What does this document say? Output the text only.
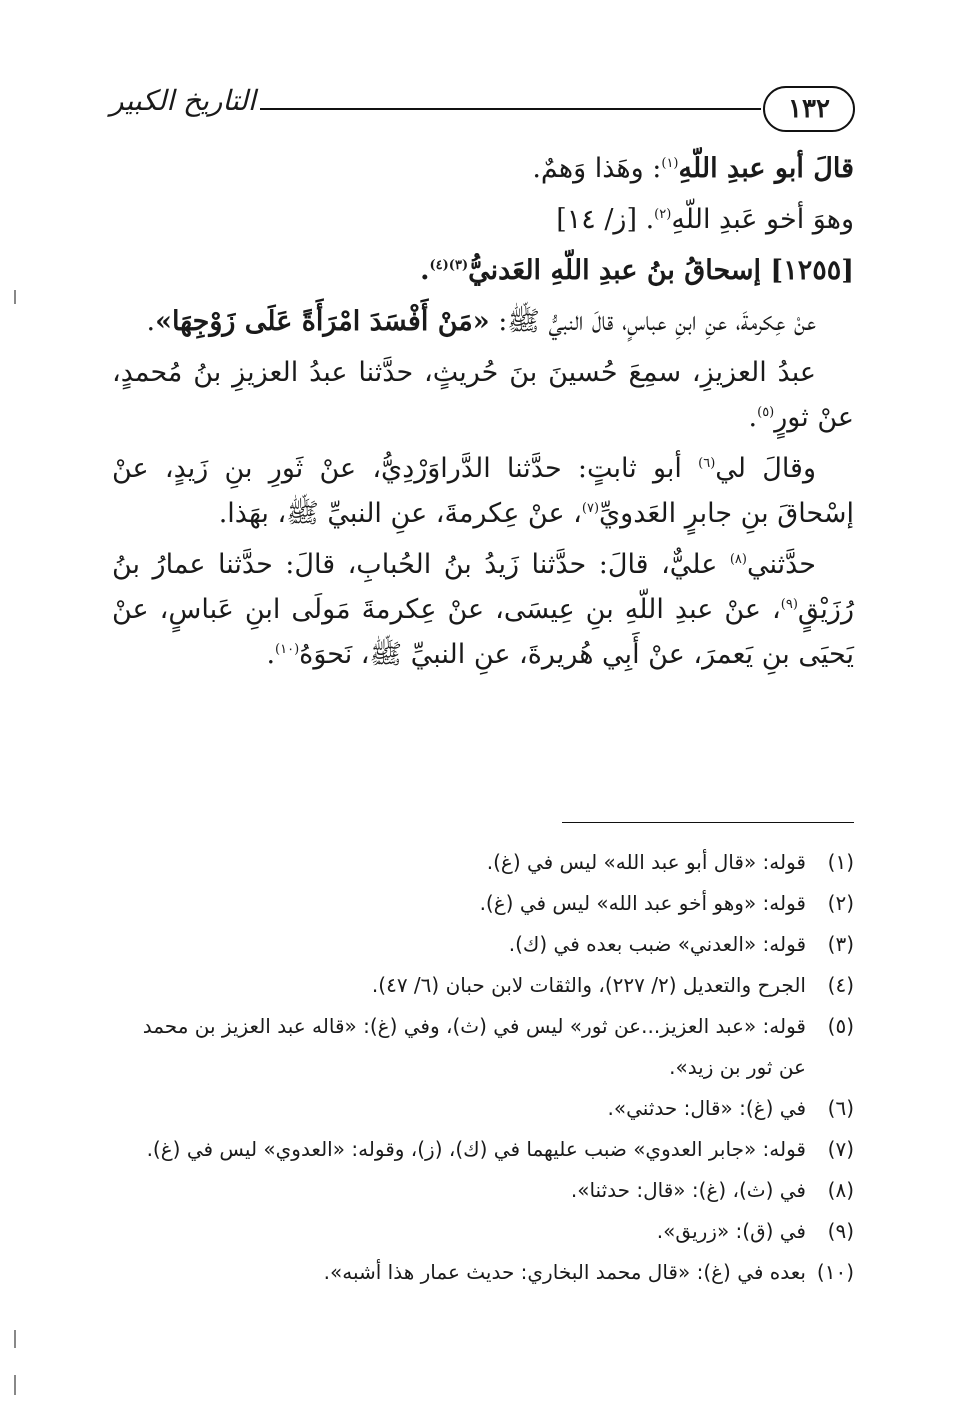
١٣٢
التاريخ الكبير

قالَ أبو عبدِ اللّهِ$^{(١)}$: وهَذا وَهمٌ.

وهوَ أخو عَبدِ اللّهِ$^{(٢)}$. [ز/ ١٤]

[١٢٥٥] إسحاقُ بنُ عبدِ اللّهِ العَدنيُّ$^{(٣)(٤)}$.

عنْ عِكرمةَ، عنِ ابنِ عباسٍ، قالَ النبيُّ ﷺ: «مَنْ أَفْسَدَ امْرَأَةً عَلَى زَوْجِهَا».

عبدُ العزيزِ، سمِعَ حُسينَ بنَ حُريثٍ، حدَّثنا عبدُ العزيزِ بنُ مُحمدٍ، عنْ ثورٍ$^{(٥)}$.

وقالَ لي$^{(٦)}$ أبو ثابتٍ: حدَّثنا الدَّراوَرْدِيُّ، عنْ ثَورِ بنِ زَيدٍ، عنْ إسْحاقَ بنِ جابرٍ العَدويِّ$^{(٧)}$، عنْ عِكرمةَ، عنِ النبيِّ ﷺ، بهَذا.

حدَّثني$^{(٨)}$ عليٌّ، قالَ: حدَّثنا زَيدُ بنُ الحُبابِ، قالَ: حدَّثنا عمارُ بنُ رُزَيْقٍ$^{(٩)}$، عنْ عبدِ اللّهِ بنِ عِيسَى، عنْ عِكرمةَ مَولَى ابنِ عَباسٍ، عنْ يَحيَى بنِ يَعمرَ، عنْ أَبِي هُريرةَ، عنِ النبيِّ ﷺ، نَحوَهُ$^{(١٠)}$.

(١)
قوله: «قال أبو عبد الله» ليس في (غ).
(٢)
قوله: «وهو أخو عبد الله» ليس في (غ).
(٣)
قوله: «العدني» ضبب بعده في (ك).
(٤)
الجرح والتعديل (٢/ ٢٢٧)، والثقات لابن حبان (٦/ ٤٧).
(٥)
قوله: «عبد العزيز...عن ثور» ليس في (ث)، وفي (غ): «قاله عبد العزيز بن محمد عن ثور بن زيد».
(٦)
في (غ): «قال: حدثني».
(٧)
قوله: «جابر العدوي» ضبب عليهما في (ك)، (ز)، وقوله: «العدوي» ليس في (غ).
(٨)
في (ث)، (غ): «قال: حدثنا».
(٩)
في (ق): «زريق».
(١٠)
بعده في (غ): «قال محمد البخاري: حديث عمار هذا أشبه».
